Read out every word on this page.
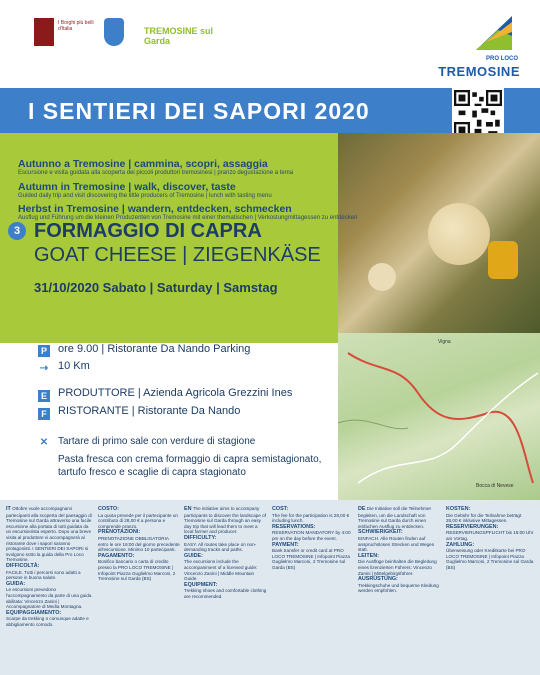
I Borghi più belli d'Italia	TREMOSINE sul Garda
PRO LOCO
TREMOSINE
I SENTIERI DEI SAPORI 2020
Autunno a Tremosine | cammina, scopri, assaggia
Escursione e visita guidata alla scoperta dei piccoli produttori tremosinesi | pranzo degustazione a tema
Autumn in Tremosine | walk, discover, taste
Guided daily trip and visit discovering the little producers of Tremosine | lunch with tasting menu
Herbst in Tremosine | wandern, entdecken, schmecken
Ausflug und Führung um die kleinen Produzenten von Tremosine mit einer thematischen | Verkostungmittagessen zu entdecken
3 FORMAGGIO DI CAPRA
GOAT CHEESE | ZIEGENKÄSE
31/10/2020 Sabato | Saturday | Samstag
Vigna
Bocca di Nevese
P ore 9.00 | Ristorante Da Nando Parking
⇢ 10 Km
E PRODUTTORE | Azienda Agricola Grezzini Ines
F RISTORANTE | Ristorante Da Nando
✕ Tartare di primo sale con verdure di stagione
Pasta fresca con crema formaggio di capra semistagionato, tartufo fresco e scaglie di capra stagionato
IT Ottobre vuole accompagnarvi partecipanti alla scoperta del paesaggio di Tremosine sul Garda attraverso una facile escursione alla portata di tutti guidata da un escursionista esperto. Dopo una breve visita al produttore vi accompagnerà al ristorante dove i sapori saranno protagonisti. I SENTIERI DEI SAPORI si svolgono sotto la guida della Pro Loco Tremosine.
DIFFICOLTÀ:
FACILE. Tutti i percorsi sono adatti a persone in buona salute.
GUIDA:
Le escursioni prevedono l'accompagnamento da parte di una guida abilitata: Vincenzo Zanini | Accompagnatore di Media Montagna.
EQUIPAGGIAMENTO:
Scarpe da trekking o comunque adatte e abbigliamento comodo.
COSTO:
La quota prevede per il partecipante un contributo di 28,00 € a persona e comprende pranzo.
PRENOTAZIONI:
PRENOTAZIONE OBBLIGATORIA entro le ore 16:00 del giorno precedente all'escursione. Minimo 10 partecipanti.
PAGAMENTO:
Bonifico bancario o carta di credito presso la PRO LOCO TREMOSINE | Infopoint Piazza Guglielmo Marconi, 2 Tremosine sul Garda (BS)
EN The initiative aims to accompany participants to discover the landscape of Tremosine sul Garda through an easy day trip that will lead them to meet a local farmer and producer.
DIFFICULTY:
EASY. All routes take place on non-demanding tracks and paths.
GUIDE:
The excursions include the accompaniment of a licensed guide: Vincenzo Zanini | Middle Mountain Guide.
EQUIPMENT:
Trekking shoes and comfortable clothing are recommended.
COST:
The fee for the participation is 28,00 € including lunch.
RESERVATIONS:
RESERVATION MANDATORY by 4:00 pm on the day before the event.
PAYMENT:
Bank transfer or credit card at PRO LOCO TREMOSINE | Infopoint Piazza Guglielmo Marconi, 2 Tremosine sul Garda (BS)
DE Die Initiative soll die Teilnehmer begleiten, um die Landschaft von Tremosine sul Garda durch einen einfachen Ausflug zu entdecken.
SCHWIERIGKEIT:
EINFACH. Alle Routen finden auf anspruchslosen Strecken und Wegen statt.
LEITEN:
Die Ausflüge beinhalten die Begleitung eines lizenzierten Führers: Vincenzo Zanini | Mittelgebirgsführer.
AUSRÜSTUNG:
Trekkingschuhe und bequeme Kleidung werden empfohlen.
KOSTEN:
Die Gebühr für die Teilnahme beträgt 28,00 € inklusive Mittagessen.
RESERVIERUNGEN:
RESERVIERUNGSPFLICHT bis 16:00 Uhr am Vortag.
ZAHLUNG:
Überweisung oder Kreditkarte bei PRO LOCO TREMOSINE | Infopoint Piazza Guglielmo Marconi, 2 Tremosine sul Garda (BS)
